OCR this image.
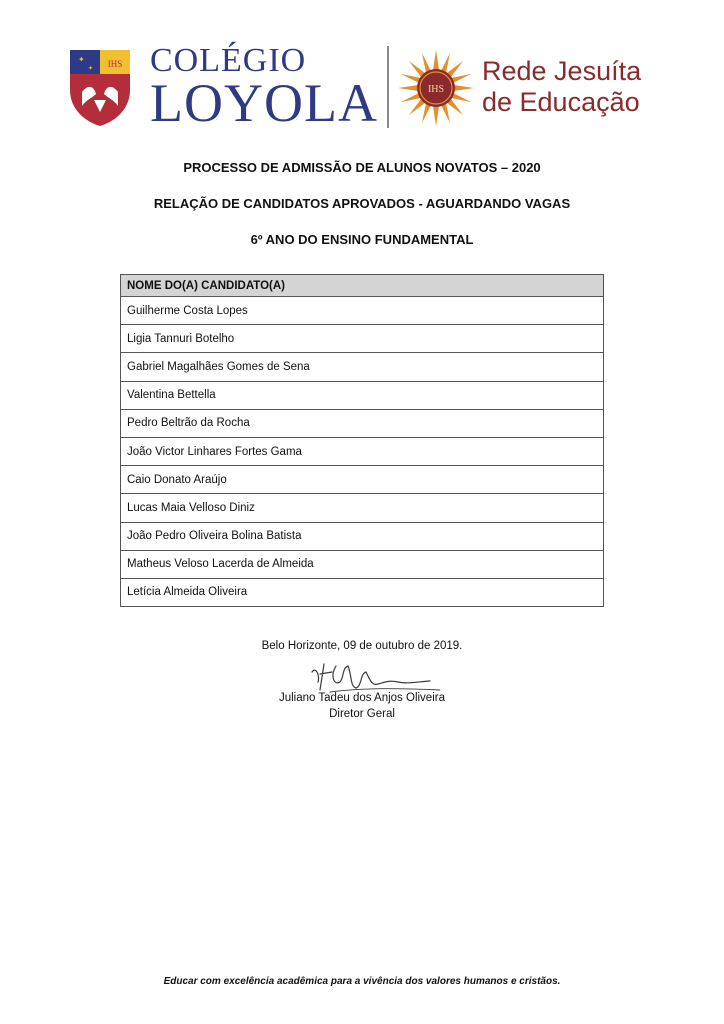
IHS
✦
✦ COLÉGIO
LOYOLA	IHS
Rede Jesuíta
de Educação
PROCESSO DE ADMISSÃO DE ALUNOS NOVATOS – 2020
RELAÇÃO DE CANDIDATOS APROVADOS - AGUARDANDO VAGAS
6º ANO DO ENSINO FUNDAMENTAL
NOME DO(A) CANDIDATO(A)
Guilherme Costa Lopes
Ligia Tannuri Botelho
Gabriel Magalhães Gomes de Sena
Valentina Bettella
Pedro Beltrão da Rocha
João Victor Linhares Fortes Gama
Caio Donato Araújo
Lucas Maia Velloso Diniz
João Pedro Oliveira Bolina Batista
Matheus Veloso Lacerda de Almeida
Letícia Almeida Oliveira
Belo Horizonte, 09 de outubro de 2019.
Juliano Tadeu dos Anjos Oliveira
Diretor Geral
Educar com excelência acadêmica para a vivência dos valores humanos e cristãos.
